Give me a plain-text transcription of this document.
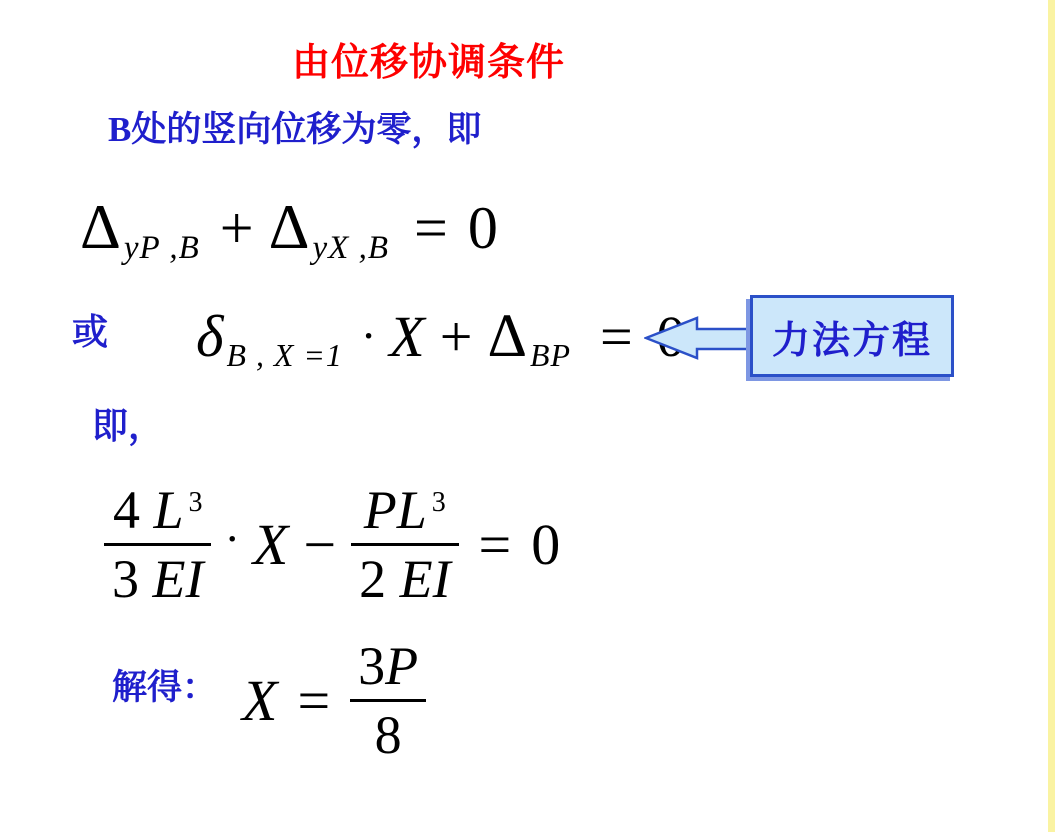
由位移协调条件
B处的竖向位移为零，即
Δ yP ,B + Δ yX ,B = 0
或 δ B , X =1 · X + Δ BP =	力法方程
即，
$\frac{4 L ^3}{3 EI} \cdot X - \frac{PL ^3}{2 EI} = 0$
解得： $X = \frac{3P}{8}$
